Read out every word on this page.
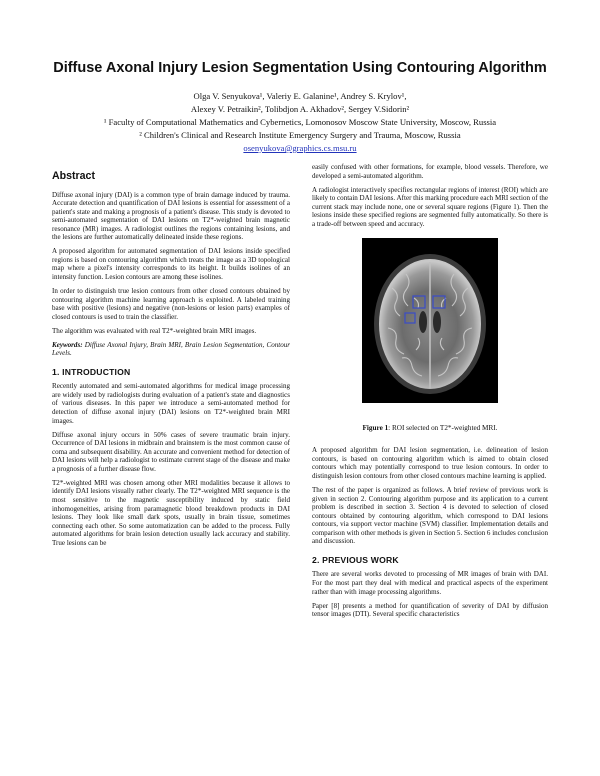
Diffuse Axonal Injury Lesion Segmentation Using Contouring Algorithm
Olga V. Senyukova¹, Valeriy E. Galanine¹, Andrey S. Krylov¹,
Alexey V. Petraikin², Tolibdjon A. Akhadov², Sergey V.Sidorin²
¹ Faculty of Computational Mathematics and Cybernetics, Lomonosov Moscow State University, Moscow, Russia
² Children's Clinical and Research Institute Emergency Surgery and Trauma, Moscow, Russia
osenyukova@graphics.cs.msu.ru
Abstract

Diffuse axonal injury (DAI) is a common type of brain damage induced by trauma. Accurate detection and quantification of DAI lesions is essential for assessment of a patient's state and making a prognosis of a patient's disease. This study is devoted to semi-automated segmentation of DAI lesions on T2*-weighted brain magnetic resonance (MR) images. A radiologist outlines the regions containing lesions, and the lesions are further automatically delineated inside these regions.

A proposed algorithm for automated segmentation of DAI lesions inside specified regions is based on contouring algorithm which treats the image as a 3D topological map where a pixel's intensity corresponds to its height. It builds isolines of an intensity function. Lesion contours are among these isolines.

In order to distinguish true lesion contours from other closed contours obtained by contouring algorithm machine learning approach is exploited. A labeled training base with positive (lesions) and negative (non-lesions or lesion parts) examples of closed contours is used to train the classifier.

The algorithm was evaluated with real T2*-weighted brain MRI images.

Keywords: Diffuse Axonal Injury, Brain MRI, Brain Lesion Segmentation, Contour Levels.

1. INTRODUCTION

Recently automated and semi-automated algorithms for medical image processing are widely used by radiologists during evaluation of a patient's state and diagnostics of various diseases. In this paper we introduce a semi-automated method for detection of diffuse axonal injury (DAI) lesions on T2*-weighted brain MRI images.

Diffuse axonal injury occurs in 50% cases of severe traumatic brain injury. Occurrence of DAI lesions in midbrain and brainstem is the most common cause of coma and subsequent disability. An accurate and convenient method for detection of DAI lesions will help a radiologist to estimate current stage of the disease and make a prognosis of a further disease flow.

T2*-weighted MRI was chosen among other MRI modalities because it allows to identify DAI lesions visually rather clearly. The T2*-weighted MRI sequence is the most sensitive to the magnetic susceptibility induced by static field inhomogeneities, arising from paramagnetic blood breakdown products in DAI lesions. They look like small dark spots, usually in brain tissue, sometimes connecting each other. So some automatization can be added to the process. Fully automated algorithms for brain lesion detection usually lack accuracy and stability. True lesions can be

easily confused with other formations, for example, blood vessels. Therefore, we developed a semi-automated algorithm.

A radiologist interactively specifies rectangular regions of interest (ROI) which are likely to contain DAI lesions. After this marking procedure each MRI section of the current stack may include none, one or several square regions (Figure 1). Then the lesions inside these specified regions are segmented fully automatically. So there is a trade-off between speed and accuracy.

Figure 1: ROI selected on T2*-weighted MRI.

A proposed algorithm for DAI lesion segmentation, i.e. delineation of lesion contours, is based on contouring algorithm which is aimed to obtain closed contours which may potentially correspond to true lesion contours. In order to distinguish lesion contours from other closed contours machine learning is applied.

The rest of the paper is organized as follows. A brief review of previous work is given in section 2. Contouring algorithm purpose and its application to a current problem is described in section 3. Section 4 is devoted to selection of closed contours obtained by contouring algorithm, which correspond to DAI lesions contours, via support vector machine (SVM) classifier. Implementation details and comparison with other methods is given in Section 5. Section 6 includes conclusion and discussion.

2. PREVIOUS WORK

There are several works devoted to processing of MR images of brain with DAI. For the most part they deal with medical and practical aspects of the experiment rather than with image processing algorithms.

Paper [8] presents a method for quantification of severity of DAI by diffusion tensor images (DTI). Several specific characteristics
